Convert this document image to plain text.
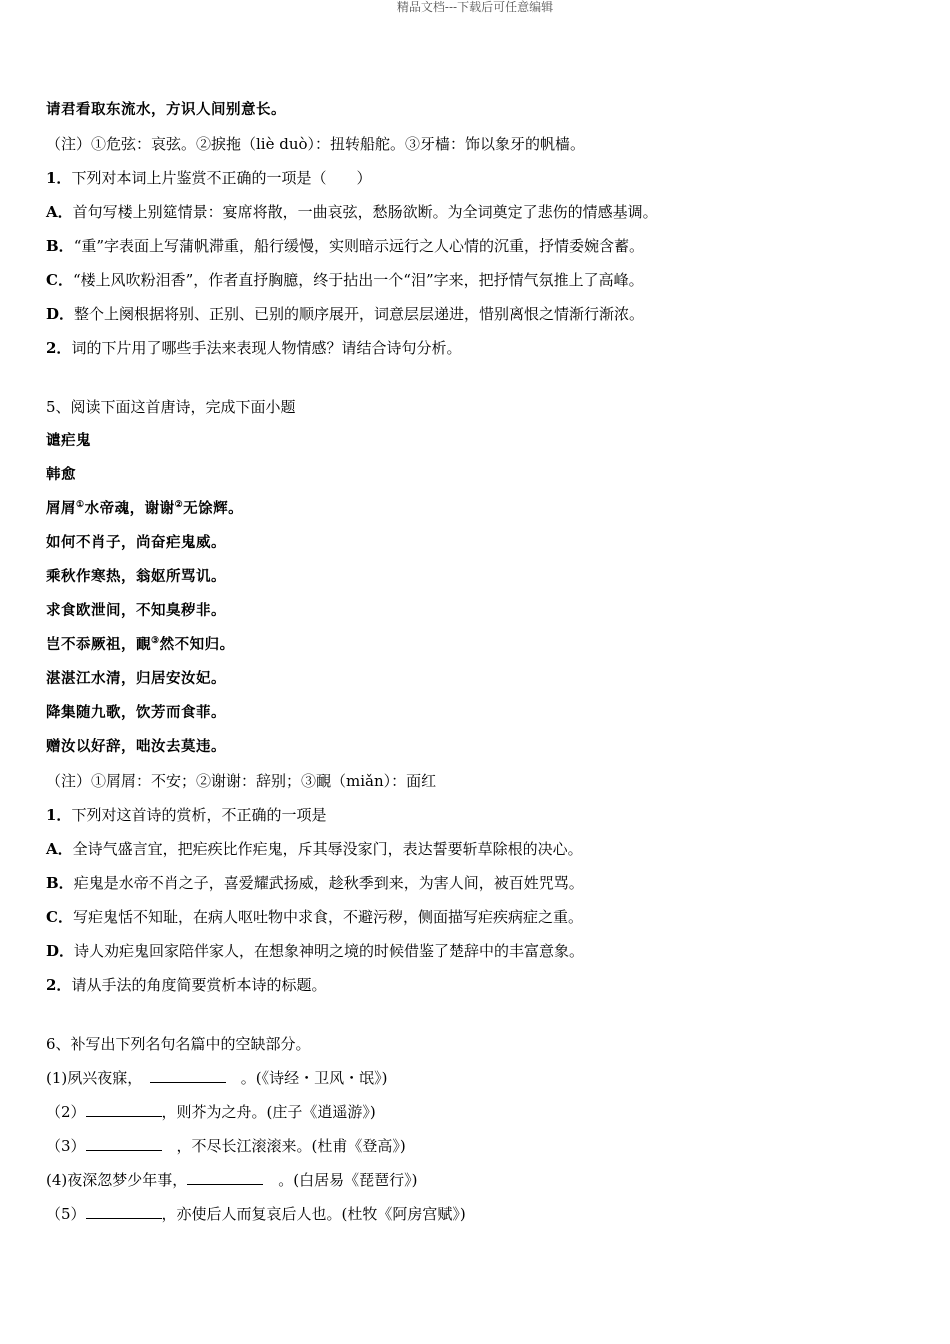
精品文档---下载后可任意编辑
请君看取东流水，方识人间别意长。
（注）①危弦：哀弦。②捩拖（liè duò）：扭转船舵。③牙樯：饰以象牙的帆樯。
1．下列对本词上片鉴赏不正确的一项是（　　）
A．首句写楼上别筵情景：宴席将散，一曲哀弦，愁肠欲断。为全词奠定了悲伤的情感基调。
B．“重”字表面上写蒲帆滞重，船行缓慢，实则暗示远行之人心情的沉重，抒情委婉含蓄。
C．“楼上风吹粉泪香”，作者直抒胸臆，终于拈出一个“泪”字来，把抒情气氛推上了高峰。
D．整个上阕根据将别、正别、已别的顺序展开，词意层层递进，惜别离恨之情渐行渐浓。
2．词的下片用了哪些手法来表现人物情感？请结合诗句分析。
5、阅读下面这首唐诗，完成下面小题
谴疟鬼
韩愈
屑屑①水帝魂，谢谢②无馀辉。
如何不肖子，尚奋疟鬼威。
乘秋作寒热，翁妪所骂讥。
求食欧泄间，不知臭秽非。
岂不忝厥祖，靦③然不知归。
湛湛江水清，归居安汝妃。
降集随九歌，饮芳而食菲。
赠汝以好辞，咄汝去莫违。
（注）①屑屑：不安；②谢谢：辞别；③靦（miǎn）：面红
1．下列对这首诗的赏析，不正确的一项是
A．全诗气盛言宜，把疟疾比作疟鬼，斥其辱没家门，表达誓要斩草除根的决心。
B．疟鬼是水帝不肖之子，喜爱耀武扬威，趁秋季到来，为害人间，被百姓咒骂。
C．写疟鬼恬不知耻，在病人呕吐物中求食，不避污秽，侧面描写疟疾病症之重。
D．诗人劝疟鬼回家陪伴家人，在想象神明之境的时候借鉴了楚辞中的丰富意象。
2．请从手法的角度简要赏析本诗的标题。
6、补写出下列名句名篇中的空缺部分。
(1)夙兴夜寐，　	　。(《诗经・卫风・氓》)
（2）	，则芥为之舟。(庄子《逍遥游》)
（3）	　，不尽长江滚滚来。(杜甫《登高》)
(4)夜深忽梦少年事，	　。(白居易《琵琶行》)
（5）	，亦使后人而复哀后人也。(杜牧《阿房宫赋》)
